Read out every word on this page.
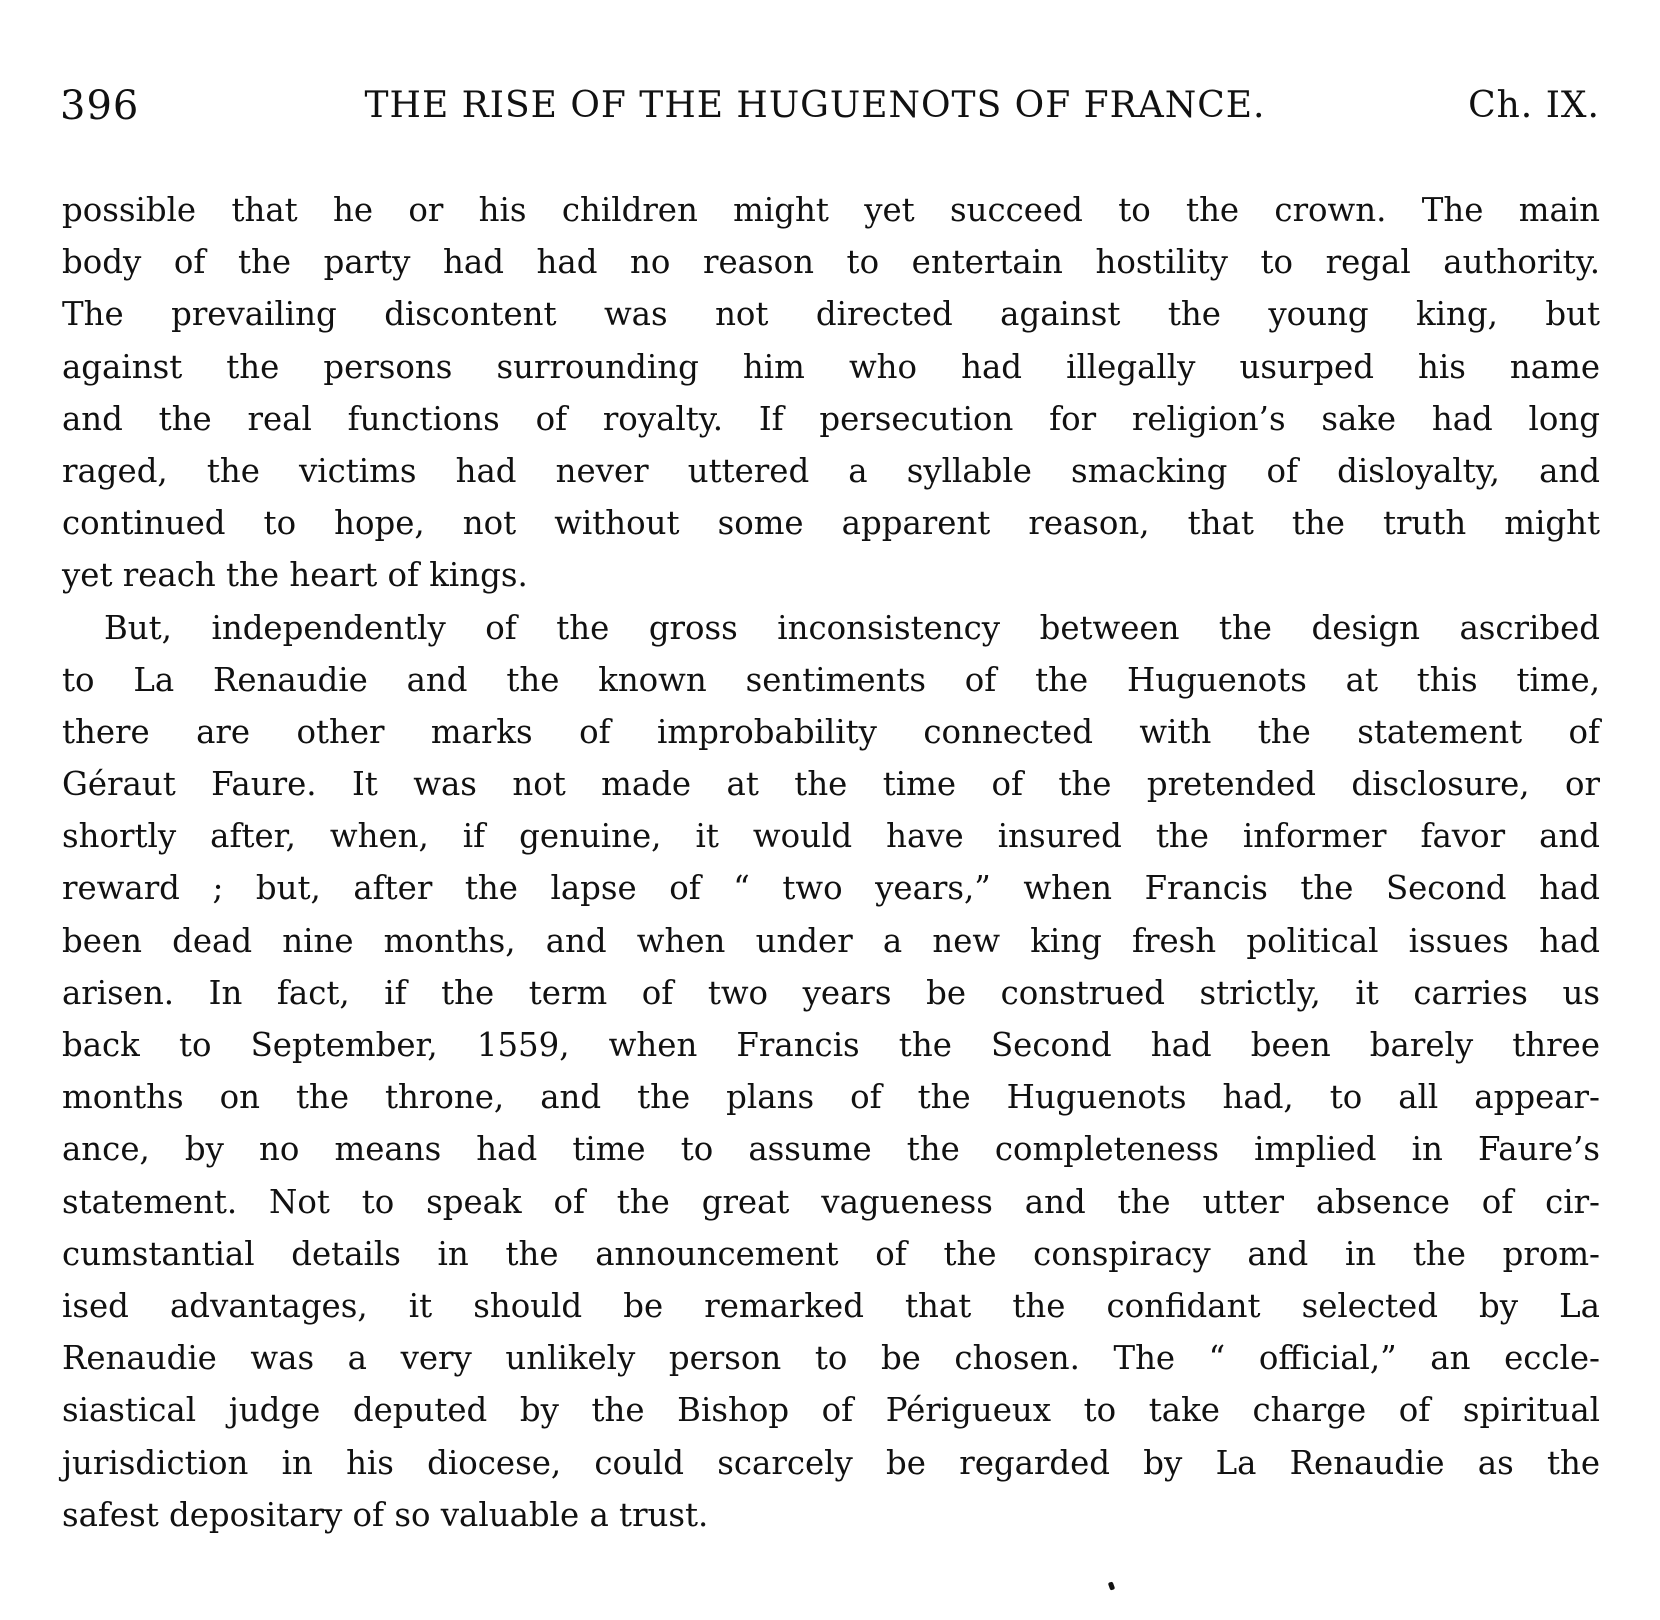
396	THE RISE OF THE HUGUENOTS OF FRANCE.	Ch. IX.
possible that he or his children might yet succeed to the crown. The main
body of the party had had no reason to entertain hostility to regal authority.
The prevailing discontent was not directed against the young king, but
against the persons surrounding him who had illegally usurped his name
and the real functions of royalty. If persecution for religion’s sake had long
raged, the victims had never uttered a syllable smacking of disloyalty, and
continued to hope, not without some apparent reason, that the truth might
yet reach the heart of kings.
But, independently of the gross inconsistency between the design ascribed
to La Renaudie and the known sentiments of the Huguenots at this time,
there are other marks of improbability connected with the statement of
Géraut Faure. It was not made at the time of the pretended disclosure, or
shortly after, when, if genuine, it would have insured the informer favor and
reward ; but, after the lapse of “ two years,” when Francis the Second had
been dead nine months, and when under a new king fresh political issues had
arisen. In fact, if the term of two years be construed strictly, it carries us
back to September, 1559, when Francis the Second had been barely three
months on the throne, and the plans of the Huguenots had, to all appear-
ance, by no means had time to assume the completeness implied in Faure’s
statement. Not to speak of the great vagueness and the utter absence of cir-
cumstantial details in the announcement of the conspiracy and in the prom-
ised advantages, it should be remarked that the confidant selected by La
Renaudie was a very unlikely person to be chosen. The “ official,” an eccle-
siastical judge deputed by the Bishop of Périgueux to take charge of spiritual
jurisdiction in his diocese, could scarcely be regarded by La Renaudie as the
safest depositary of so valuable a trust.
